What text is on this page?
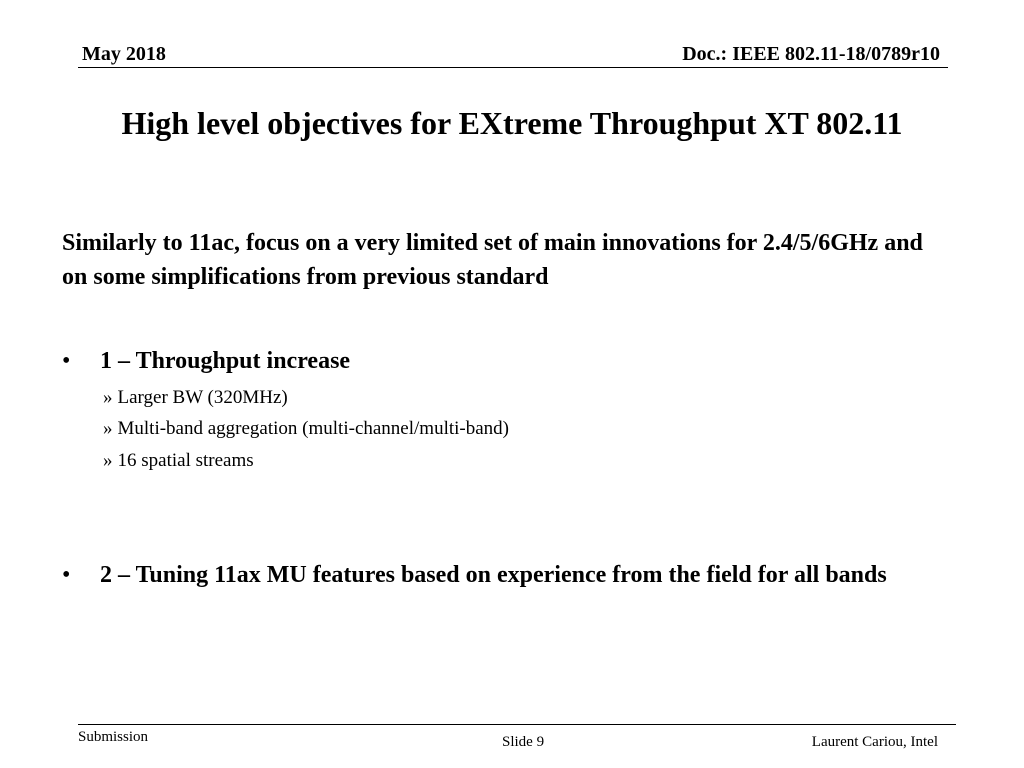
May 2018	Doc.: IEEE 802.11-18/0789r10
High level objectives for EXtreme Throughput XT 802.11
Similarly to 11ac, focus on a very limited set of main innovations for 2.4/5/6GHz and on some simplifications from previous standard
• 1 – Throughput increase
» Larger BW (320MHz)
» Multi-band aggregation (multi-channel/multi-band)
» 16 spatial streams
• 2 – Tuning 11ax MU features based on experience from the field for all bands
Submission	Slide 9	Laurent Cariou, Intel
